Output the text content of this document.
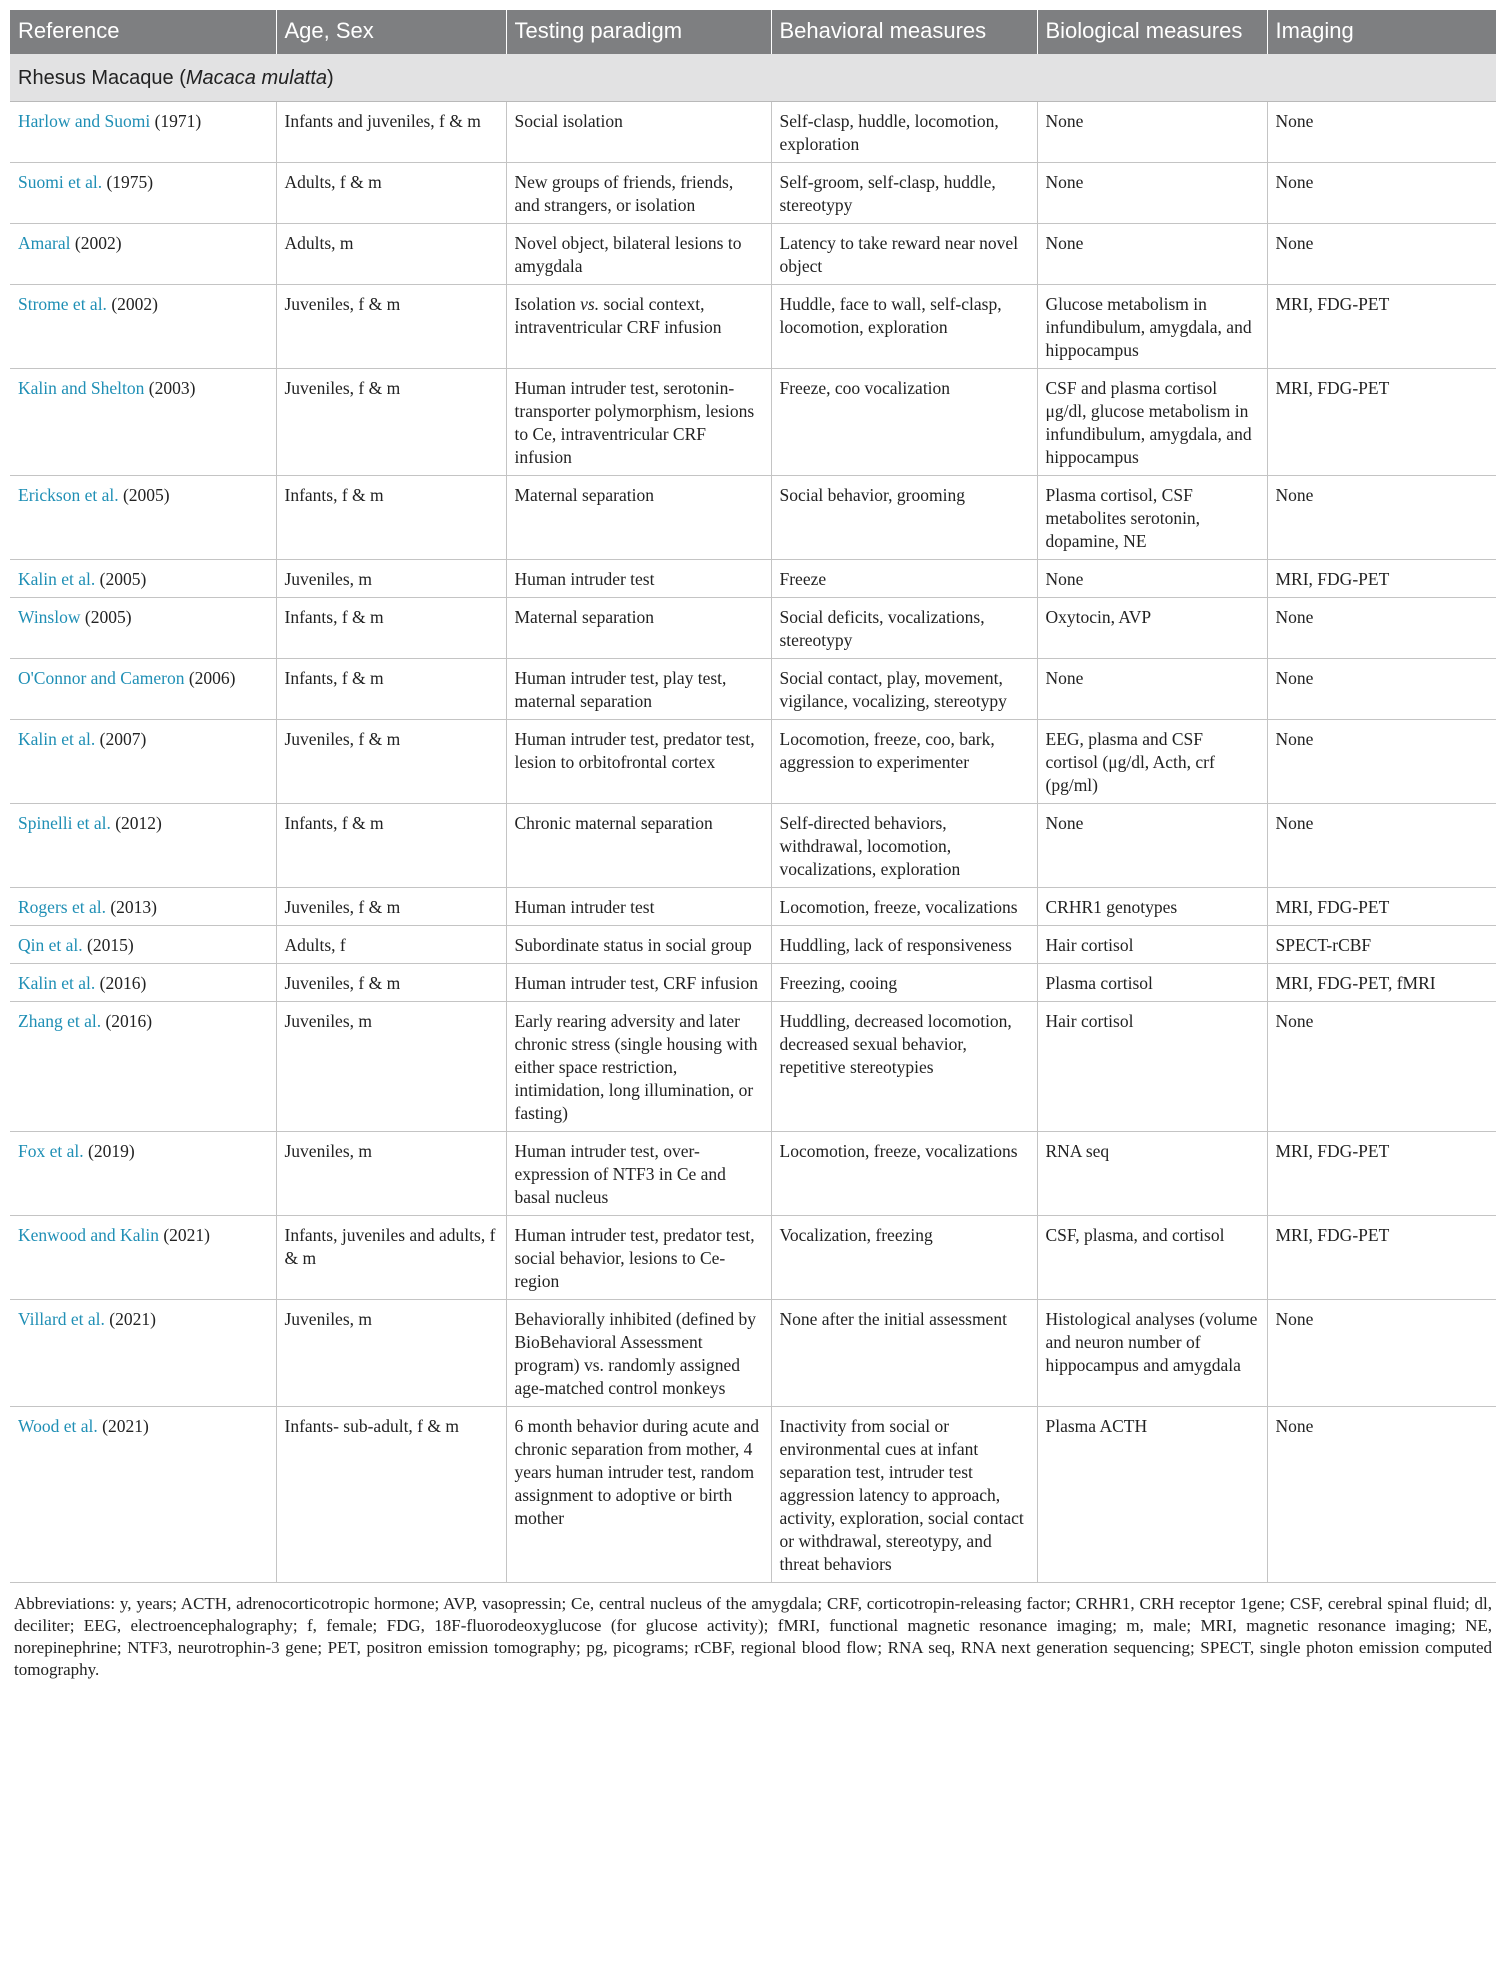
Reference	Age, Sex	Testing paradigm	Behavioral measures	Biological measures	Imaging
Rhesus Macaque (Macaca mulatta)					
Harlow and Suomi (1971)	Infants and juveniles, f & m	Social isolation	Self-clasp, huddle, locomotion, exploration	None	None
Suomi et al. (1975)	Adults, f & m	New groups of friends, friends, and strangers, or isolation	Self-groom, self-clasp, huddle, stereotypy	None	None
Amaral (2002)	Adults, m	Novel object, bilateral lesions to amygdala	Latency to take reward near novel object	None	None
Strome et al. (2002)	Juveniles, f & m	Isolation vs. social context, intraventricular CRF infusion	Huddle, face to wall, self-clasp, locomotion, exploration	Glucose metabolism in infundibulum, amygdala, and hippocampus	MRI, FDG-PET
Kalin and Shelton (2003)	Juveniles, f & m	Human intruder test, serotonin-transporter polymorphism, lesions to Ce, intraventricular CRF infusion	Freeze, coo vocalization	CSF and plasma cortisol μg/dl, glucose metabolism in infundibulum, amygdala, and hippocampus	MRI, FDG-PET
Erickson et al. (2005)	Infants, f & m	Maternal separation	Social behavior, grooming	Plasma cortisol, CSF metabolites serotonin, dopamine, NE	None
Kalin et al. (2005)	Juveniles, m	Human intruder test	Freeze	None	MRI, FDG-PET
Winslow (2005)	Infants, f & m	Maternal separation	Social deficits, vocalizations, stereotypy	Oxytocin, AVP	None
O'Connor and Cameron (2006)	Infants, f & m	Human intruder test, play test, maternal separation	Social contact, play, movement, vigilance, vocalizing, stereotypy	None	None
Kalin et al. (2007)	Juveniles, f & m	Human intruder test, predator test, lesion to orbitofrontal cortex	Locomotion, freeze, coo, bark, aggression to experimenter	EEG, plasma and CSF cortisol (μg/dl, Acth, crf (pg/ml)	None
Spinelli et al. (2012)	Infants, f & m	Chronic maternal separation	Self-directed behaviors, withdrawal, locomotion, vocalizations, exploration	None	None
Rogers et al. (2013)	Juveniles, f & m	Human intruder test	Locomotion, freeze, vocalizations	CRHR1 genotypes	MRI, FDG-PET
Qin et al. (2015)	Adults, f	Subordinate status in social group	Huddling, lack of responsiveness	Hair cortisol	SPECT-rCBF
Kalin et al. (2016)	Juveniles, f & m	Human intruder test, CRF infusion	Freezing, cooing	Plasma cortisol	MRI, FDG-PET, fMRI
Zhang et al. (2016)	Juveniles, m	Early rearing adversity and later chronic stress (single housing with either space restriction, intimidation, long illumination, or fasting)	Huddling, decreased locomotion, decreased sexual behavior, repetitive stereotypies	Hair cortisol	None
Fox et al. (2019)	Juveniles, m	Human intruder test, over-expression of NTF3 in Ce and basal nucleus	Locomotion, freeze, vocalizations	RNA seq	MRI, FDG-PET
Kenwood and Kalin (2021)	Infants, juveniles and adults, f & m	Human intruder test, predator test, social behavior, lesions to Ce-region	Vocalization, freezing	CSF, plasma, and cortisol	MRI, FDG-PET
Villard et al. (2021)	Juveniles, m	Behaviorally inhibited (defined by BioBehavioral Assessment program) vs. randomly assigned age-matched control monkeys	None after the initial assessment	Histological analyses (volume and neuron number of hippocampus and amygdala	None
Wood et al. (2021)	Infants- sub-adult, f & m	6 month behavior during acute and chronic separation from mother, 4 years human intruder test, random assignment to adoptive or birth mother	Inactivity from social or environmental cues at infant separation test, intruder test aggression latency to approach, activity, exploration, social contact or withdrawal, stereotypy, and threat behaviors	Plasma ACTH	None
Abbreviations: y, years; ACTH, adrenocorticotropic hormone; AVP, vasopressin; Ce, central nucleus of the amygdala; CRF, corticotropin-releasing factor; CRHR1, CRH receptor 1gene; CSF, cerebral spinal fluid; dl, deciliter; EEG, electroencephalography; f, female; FDG, 18F-fluorodeoxyglucose (for glucose activity); fMRI, functional magnetic resonance imaging; m, male; MRI, magnetic resonance imaging; NE, norepinephrine; NTF3, neurotrophin-3 gene; PET, positron emission tomography; pg, picograms; rCBF, regional blood flow; RNA seq, RNA next generation sequencing; SPECT, single photon emission computed tomography.
